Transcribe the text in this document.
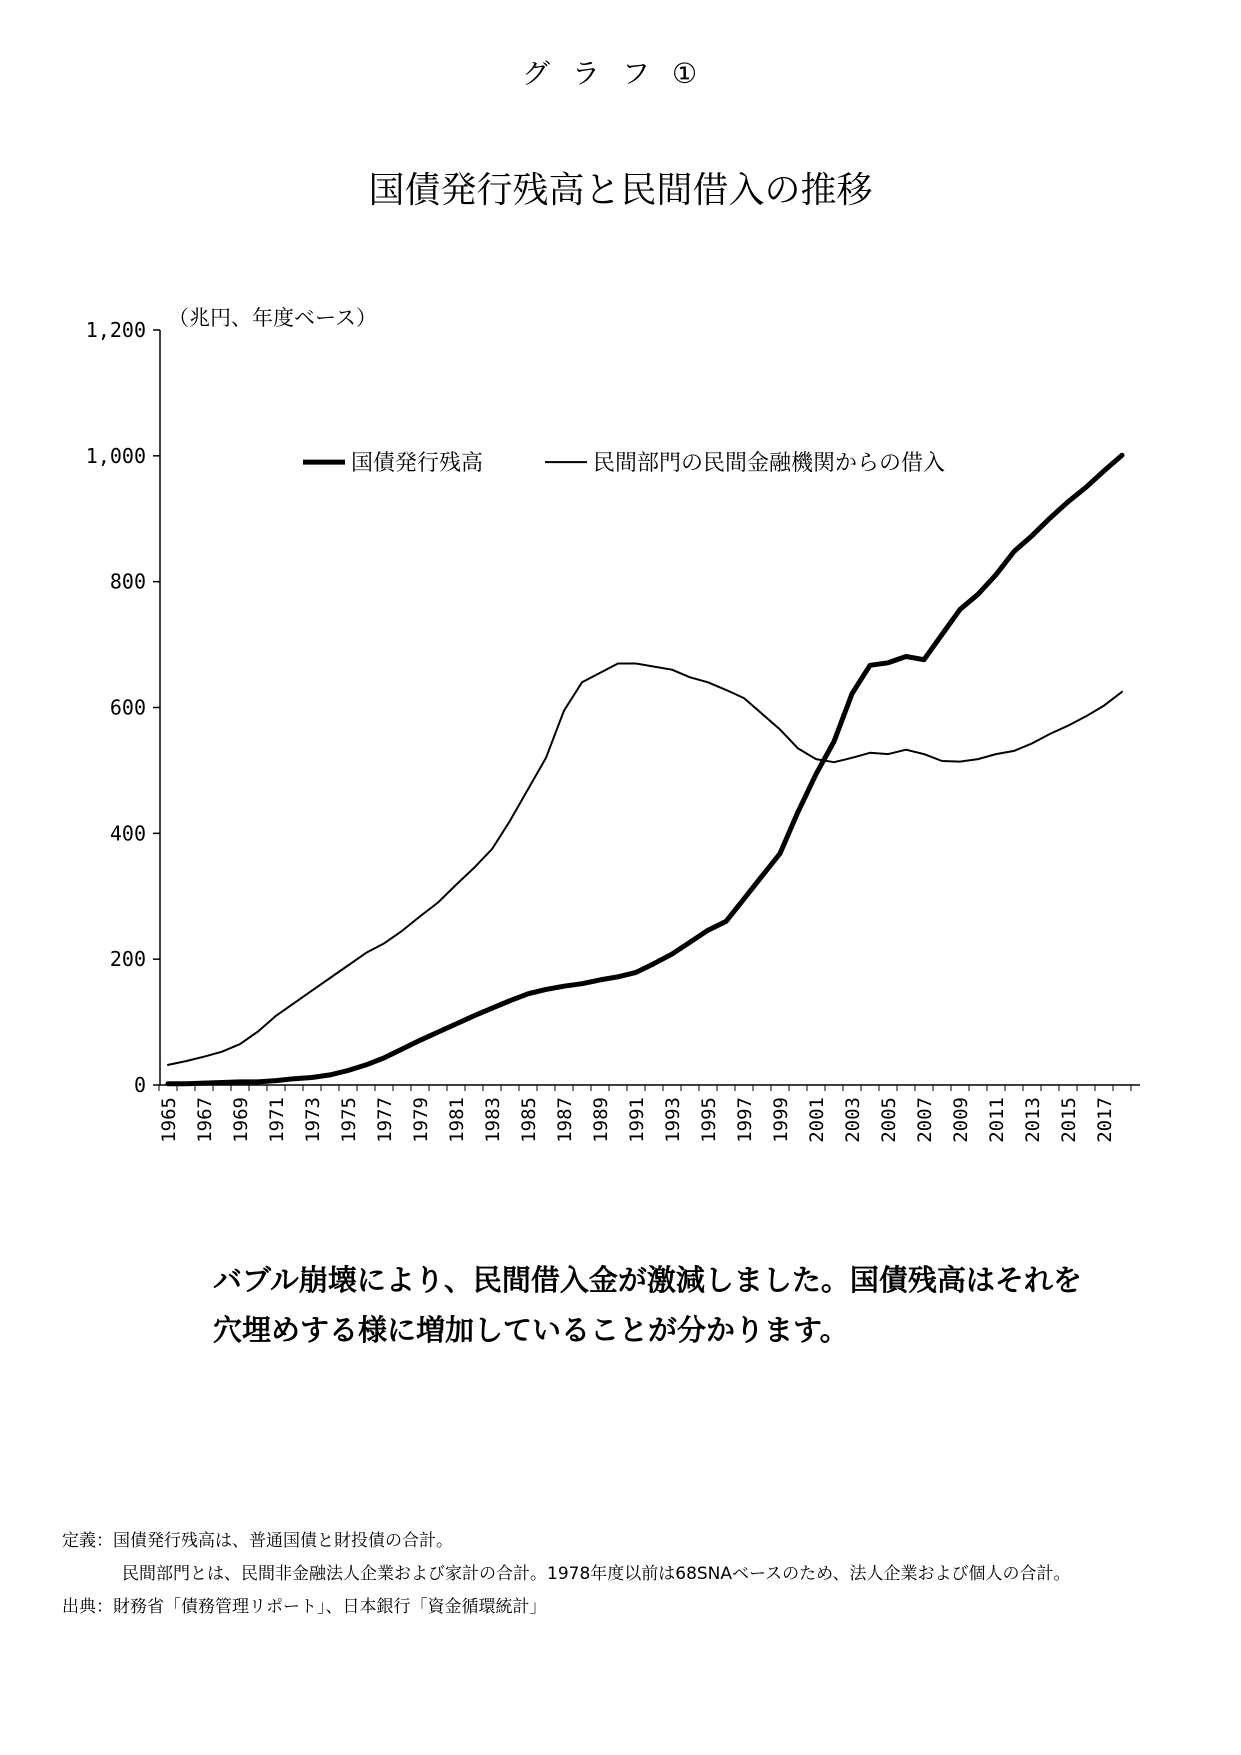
グラフ①
国債発行残高と民間借入の推移
0
200
400
600
800
1,000
1,200 （兆円、年度ベース）
1965 1967 1969 1971 1973 1975 1977 1979 1981 1983 1985 1987 1989 1991 1993 1995 1997 1999 2001 2003 2005 2007 2009 2011 2013 2015 2017
国債発行残高	民間部門の民間金融機関からの借入
バブル崩壊により、民間借入金が激減しました。国債残高はそれを
穴埋めする様に増加していることが分かります。
定義：国債発行残高は、普通国債と財投債の合計。
民間部門とは、民間非金融法人企業および家計の合計。1978年度以前は68SNAベースのため、法人企業および個人の合計。
出典：財務省「債務管理リポート」、日本銀行「資金循環統計」
